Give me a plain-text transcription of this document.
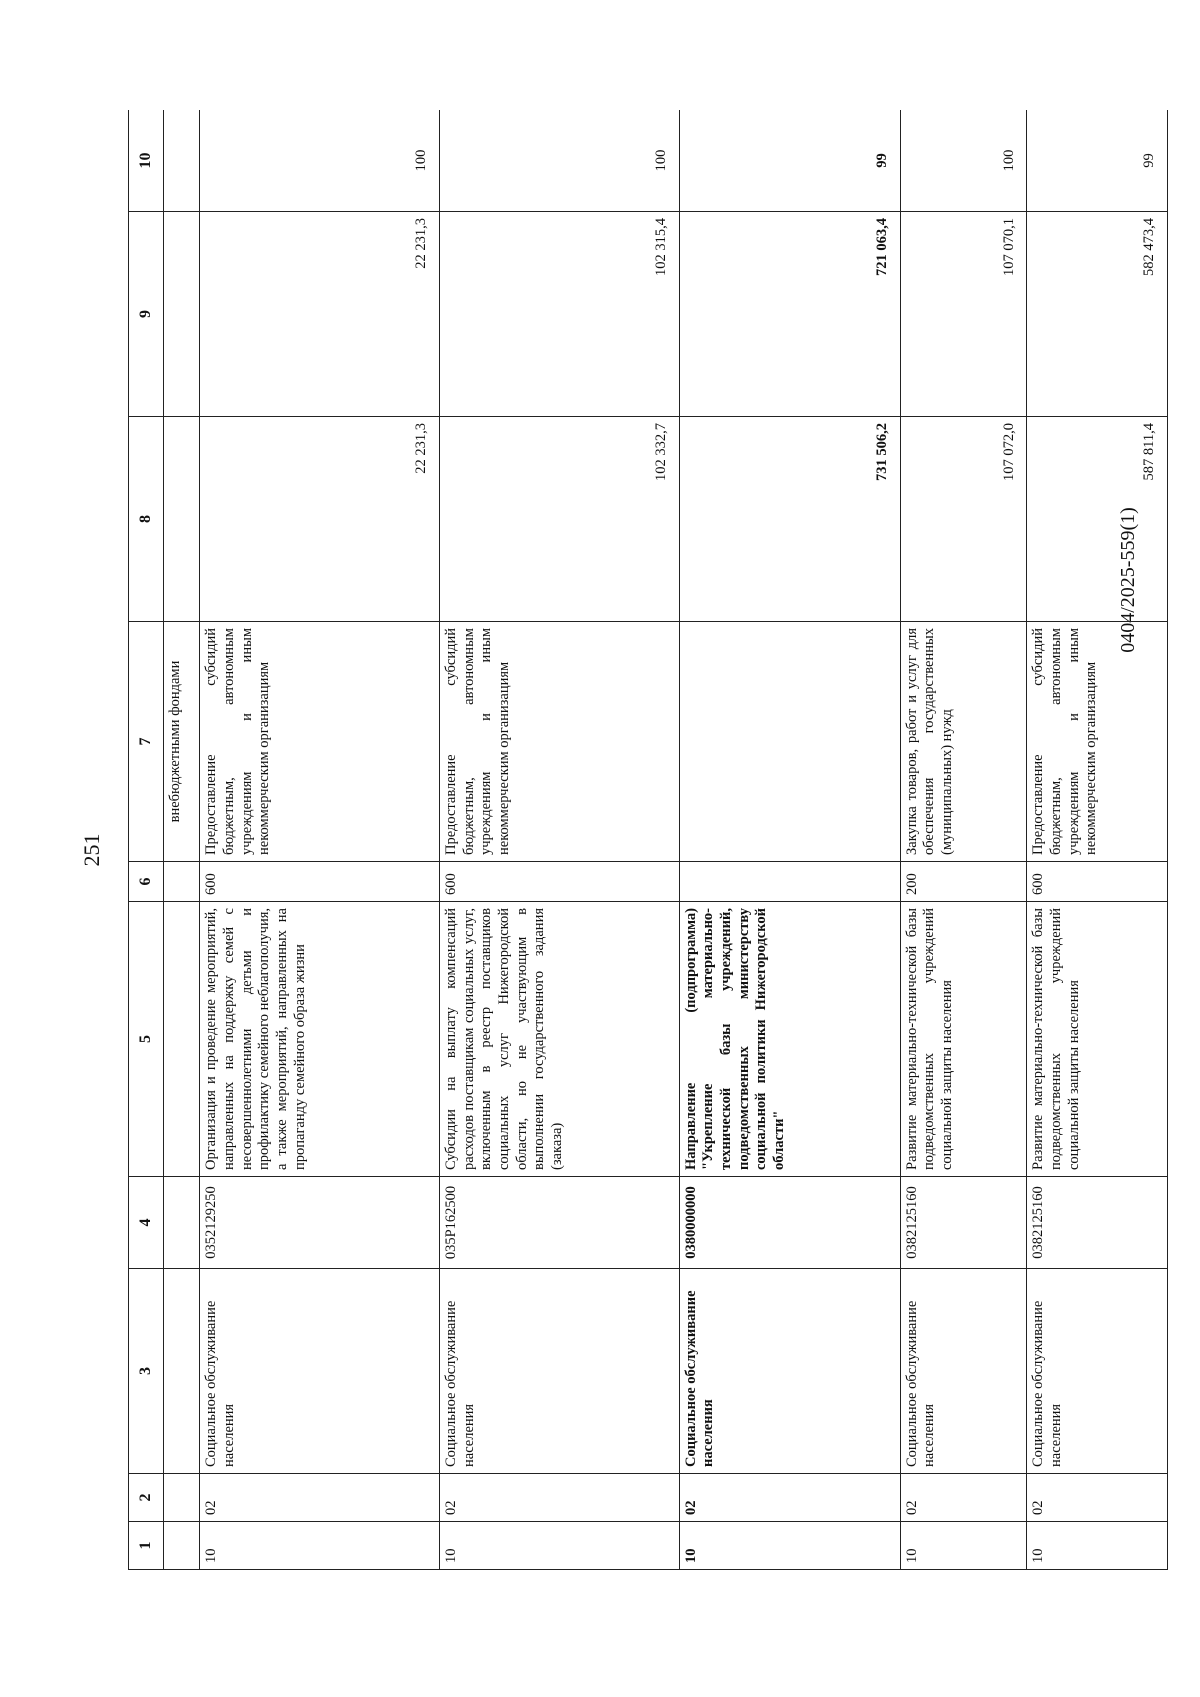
251
0404/2025-559(1)
1	2	3	4	5	6	7	8	9	10
						внебюджетными фондами			
10	02	Социальное обслуживание населения	0352129250	Организация и проведение мероприятий, направленных на поддержку семей с несовершеннолетними детьми и профилактику семейного неблагополучия, а также мероприятий, направленных на пропаганду семейного образа жизни	600	Предоставление субсидий бюджетным, автономным учреждениям и иным некоммерческим организациям	22 231,3	22 231,3	100
10	02	Социальное обслуживание населения	035P162500	Субсидии на выплату компенсаций расходов поставщикам социальных услуг, включенным в реестр поставщиков социальных услуг Нижегородской области, но не участвующим в выполнении государственного задания (заказа)	600	Предоставление субсидий бюджетным, автономным учреждениям и иным некоммерческим организациям	102 332,7	102 315,4	100
10	02	Социальное обслуживание населения	0380000000	Направление (подпрограмма) "Укрепление материально-технической базы учреждений, подведомственных министерству социальной политики Нижегородской области"			731 506,2	721 063,4	99
10	02	Социальное обслуживание населения	0382125160	Развитие материально-технической базы подведомственных учреждений социальной защиты населения	200	Закупка товаров, работ и услуг для обеспечения государственных (муниципальных) нужд	107 072,0	107 070,1	100
10	02	Социальное обслуживание населения	0382125160	Развитие материально-технической базы подведомственных учреждений социальной защиты населения	600	Предоставление субсидий бюджетным, автономным учреждениям и иным некоммерческим организациям	587 811,4	582 473,4	99
